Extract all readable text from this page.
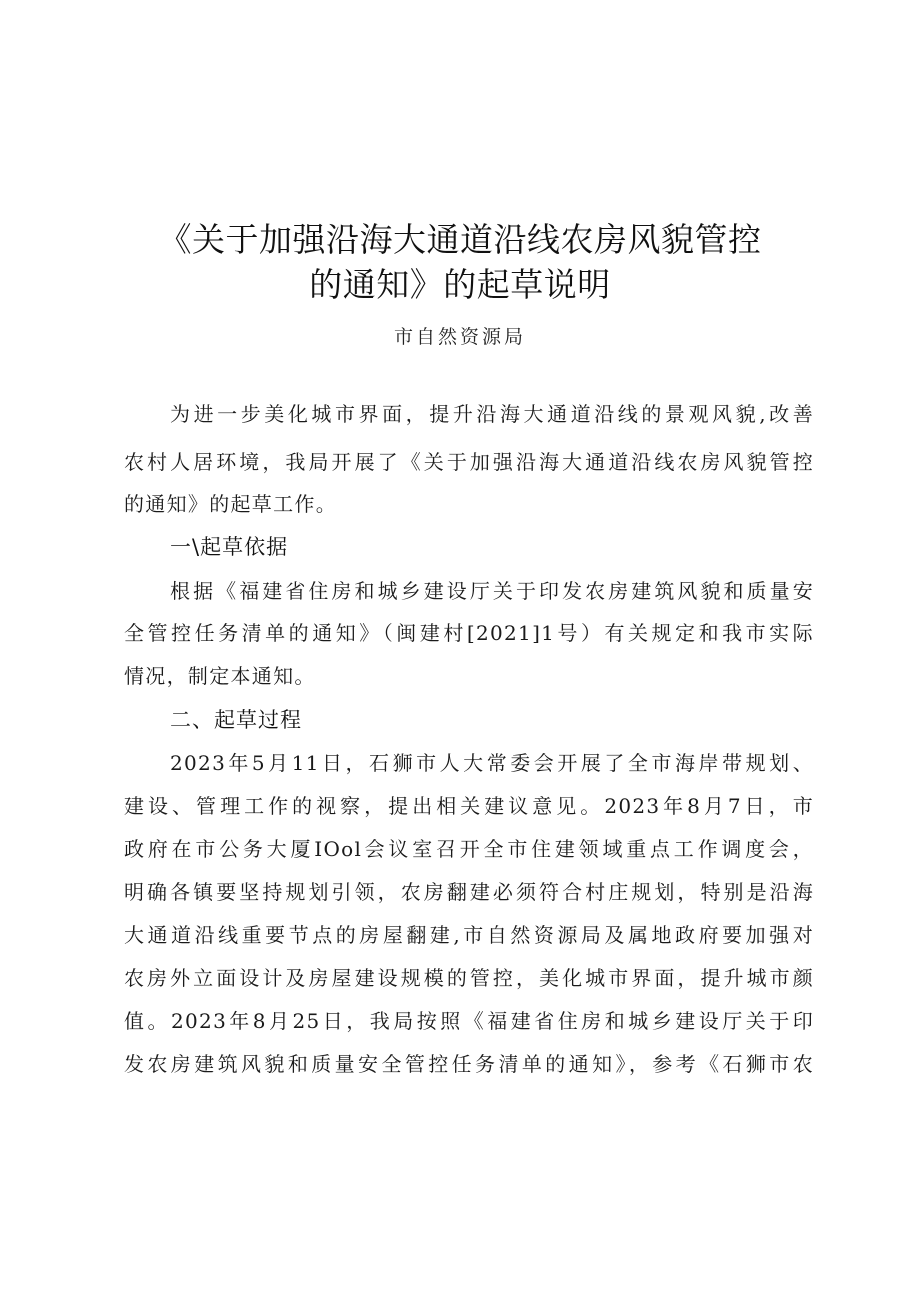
《关于加强沿海大通道沿线农房风貌管控
的通知》的起草说明
市自然资源局
为进一步美化城市界面，提升沿海大通道沿线的景观风貌,改善
农村人居环境，我局开展了《关于加强沿海大通道沿线农房风貌管控
的通知》的起草工作。
一\起草依据
根据《福建省住房和城乡建设厅关于印发农房建筑风貌和质量安
全管控任务清单的通知》（闽建村[2021]1号）有关规定和我市实际
情况，制定本通知。
二、起草过程
2023年5月11日，石狮市人大常委会开展了全市海岸带规划、
建设、管理工作的视察，提出相关建议意见。2023年8月7日，市
政府在市公务大厦IOol会议室召开全市住建领域重点工作调度会，
明确各镇要坚持规划引领，农房翻建必须符合村庄规划，特别是沿海
大通道沿线重要节点的房屋翻建,市自然资源局及属地政府要加强对
农房外立面设计及房屋建设规模的管控，美化城市界面，提升城市颜
值。2023年8月25日，我局按照《福建省住房和城乡建设厅关于印
发农房建筑风貌和质量安全管控任务清单的通知》，参考《石狮市农
